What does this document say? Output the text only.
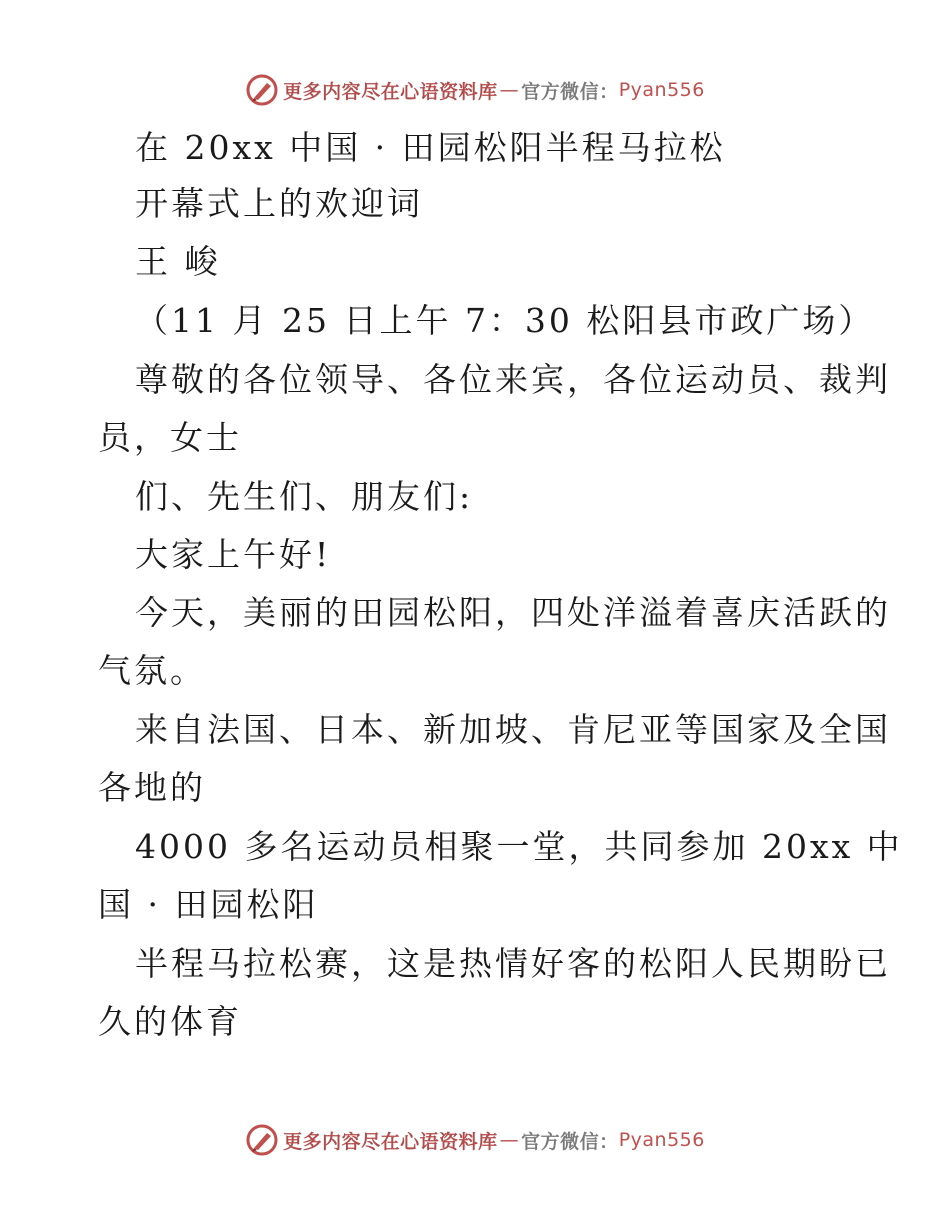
更多内容尽在心语资料库 — 官方微信： Pyan556
在 20xx 中国 · 田园松阳半程马拉松
开幕式上的欢迎词
王 峻
（11 月 25 日上午 7：30 松阳县市政广场）
尊敬的各位领导、各位来宾，各位运动员、裁判
员，女士
们、先生们、朋友们:
大家上午好!
今天，美丽的田园松阳，四处洋溢着喜庆活跃的
气氛。
来自法国、日本、新加坡、肯尼亚等国家及全国
各地的
4000 多名运动员相聚一堂，共同参加 20xx 中
国 · 田园松阳
半程马拉松赛，这是热情好客的松阳人民期盼已
久的体育
更多内容尽在心语资料库 — 官方微信： Pyan556
